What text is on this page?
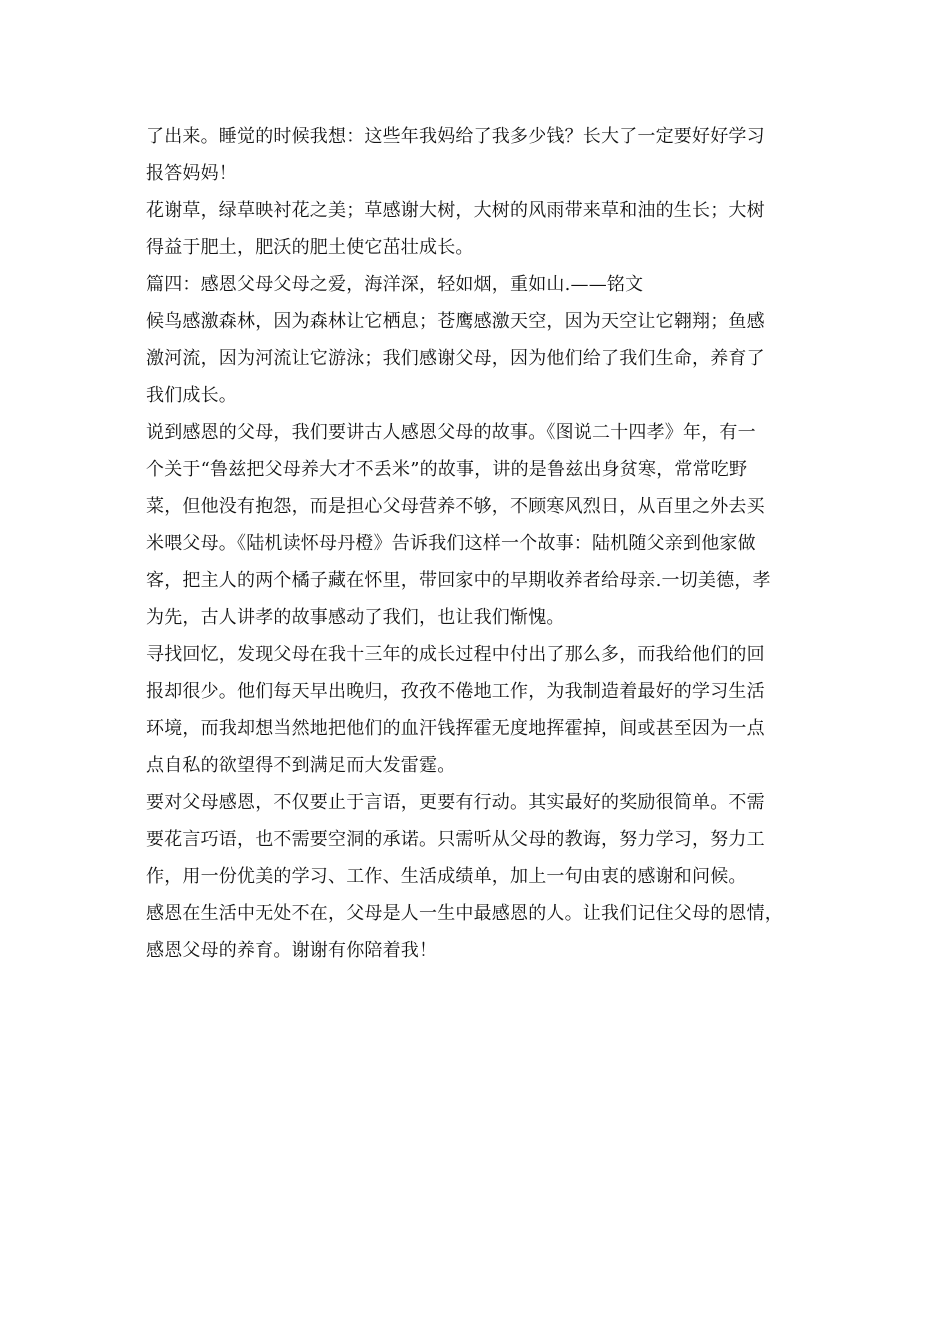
了出来。睡觉的时候我想：这些年我妈给了我多少钱？长大了一定要好好学习
报答妈妈！
花谢草，绿草映衬花之美；草感谢大树，大树的风雨带来草和油的生长；大树
得益于肥土，肥沃的肥土使它茁壮成长。
篇四：感恩父母父母之爱，海洋深，轻如烟，重如山.——铭文
候鸟感激森林，因为森林让它栖息；苍鹰感激天空，因为天空让它翱翔；鱼感
激河流，因为河流让它游泳；我们感谢父母，因为他们给了我们生命，养育了
我们成长。
说到感恩的父母，我们要讲古人感恩父母的故事。《图说二十四孝》年，有一
个关于“鲁兹把父母养大才不丢米”的故事，讲的是鲁兹出身贫寒，常常吃野
菜，但他没有抱怨，而是担心父母营养不够，不顾寒风烈日，从百里之外去买
米喂父母。《陆机读怀母丹橙》告诉我们这样一个故事：陆机随父亲到他家做
客，把主人的两个橘子藏在怀里，带回家中的早期收养者给母亲.一切美德，孝
为先，古人讲孝的故事感动了我们，也让我们惭愧。
寻找回忆，发现父母在我十三年的成长过程中付出了那么多，而我给他们的回
报却很少。他们每天早出晚归，孜孜不倦地工作，为我制造着最好的学习生活
环境，而我却想当然地把他们的血汗钱挥霍无度地挥霍掉，间或甚至因为一点
点自私的欲望得不到满足而大发雷霆。
要对父母感恩，不仅要止于言语，更要有行动。其实最好的奖励很简单。不需
要花言巧语，也不需要空洞的承诺。只需听从父母的教诲，努力学习，努力工
作，用一份优美的学习、工作、生活成绩单，加上一句由衷的感谢和问候。
感恩在生活中无处不在，父母是人一生中最感恩的人。让我们记住父母的恩情，
感恩父母的养育。谢谢有你陪着我！
